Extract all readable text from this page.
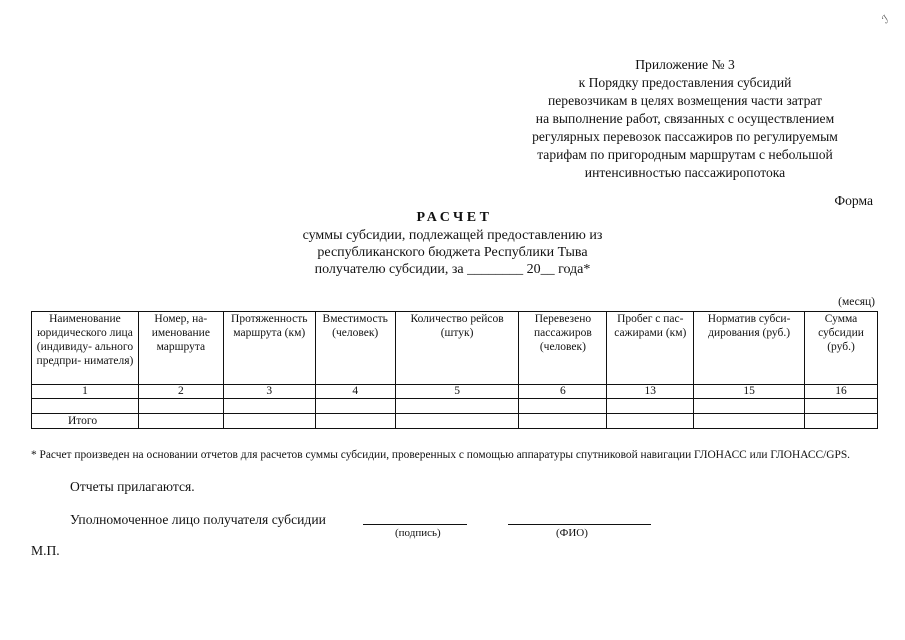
ℐ
Приложение № 3
к Порядку предоставления субсидий
перевозчикам в целях возмещения части затрат
на выполнение работ, связанных с осуществлением
регулярных перевозок пассажиров по регулируемым
тарифам по пригородным маршрутам с небольшой
интенсивностью пассажиропотока
Форма
РАСЧЕТ
суммы субсидии, подлежащей предоставлению из
республиканского бюджета Республики Тыва
получателю субсидии, за ________ 20__ года*
(месяц)
Наименование юридического лица (индивиду- ального предпри- нимателя)	Номер, на- именование маршрута	Протяженность маршрута (км)	Вместимость (человек)	Количество рейсов (штук)	Перевезено пассажиров (человек)	Пробег с пас- сажирами (км)	Норматив субси- дирования (руб.)	Сумма субсидии (руб.)
1	2	3	4	5	6	13	15	16

Итого								
* Расчет произведен на основании отчетов для расчетов суммы субсидии, проверенных с помощью аппаратуры спутниковой навигации ГЛОНАСС или ГЛОНАСС/GPS.
Отчеты прилагаются.
Уполномоченное лицо получателя субсидии
(подпись)	(ФИО)
М.П.
